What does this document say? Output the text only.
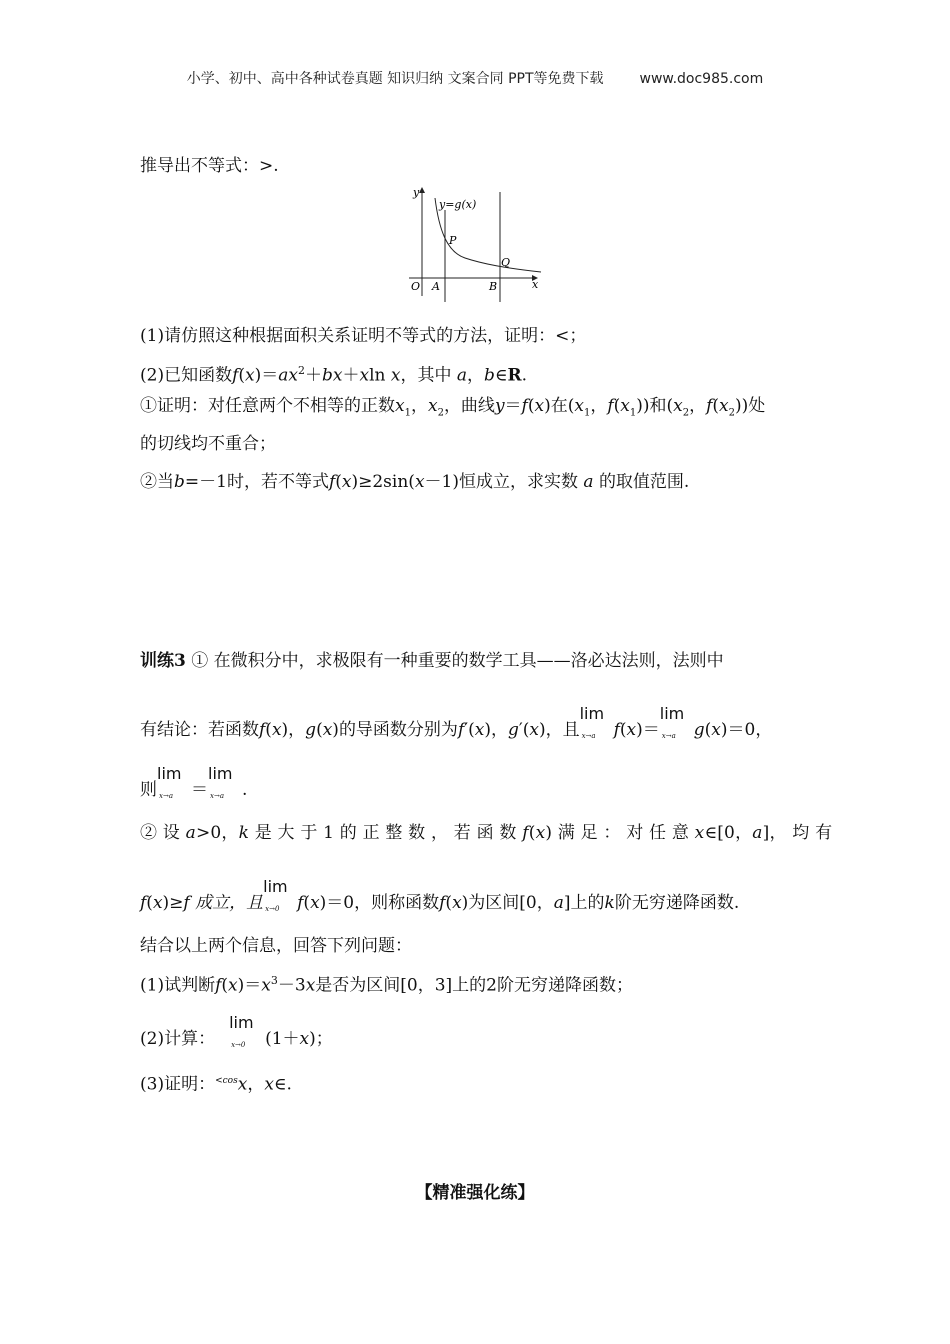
小学、初中、高中各种试卷真题 知识归纳 文案合同 PPT等免费下载	www.doc985.com
推导出不等式：>.
y
y=g(x)
P
Q
O A	B	x
(1)请仿照这种根据面积关系证明不等式的方法，证明：<；
(2)已知函数$f(x)=ax^2+bx+xln$ x，其中 a，b∈R.
①证明：对任意两个不相等的正数$x_1$，$x_2$，曲线y＝f(x)在($x_1$，$f(x_1)$)和($x_2$，$f(x_2)$)处
的切线均不重合；
②当b=－1时，若不等式f(x)≥2sin(x－1)恒成立，求实数 a 的取值范围.
训练3 ① 在微积分中，求极限有一种重要的数学工具——洛必达法则，法则中
有结论：若函数f(x)，g(x)的导函数分别为f′(x)，g′(x)，且
lim
x→a f(x)＝
lim
x→a g(x)＝0，
则
lim
x→a ＝
lim
x→a .
② 设 a>0，k 是 大 于 1 的 正 整 数 ， 若 函 数 f(x) 满 足 ： 对 任 意 x∈[0，a]， 均 有
f(x)≥f 成立，且
lim
x→0 f(x)＝0，则称函数f(x)为区间[0，a]上的k阶无穷递降函数.
结合以上两个信息，回答下列问题：
(1)试判断$f(x)=x^3-3x$是否为区间[0，3]上的2阶无穷递降函数；
(2)计算：
lim
x→0 (1＋x)；
(3)证明：$^{<cos}$x，x∈.
【精准强化练】
